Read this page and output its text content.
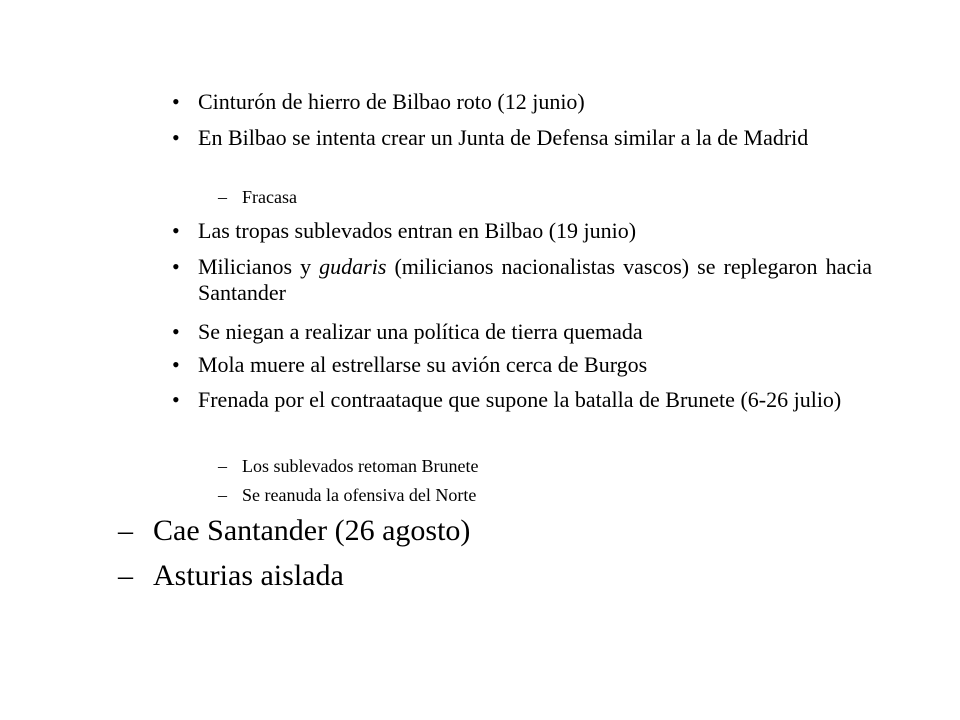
• Cinturón de hierro de Bilbao roto (12 junio)

• En Bilbao se intenta crear un Junta de Defensa similar a la de Madrid

– Fracasa

• Las tropas sublevados entran en Bilbao (19 junio)

• Milicianos y gudaris (milicianos nacionalistas vascos) se replegaron hacia Santander

• Se niegan a realizar una política de tierra quemada

• Mola muere al estrellarse su avión cerca de Burgos

• Frenada por el contraataque que supone la batalla de Brunete (6-26 julio)

– Los sublevados retoman Brunete

– Se reanuda la ofensiva del Norte

– Cae Santander (26 agosto)

– Asturias aislada
